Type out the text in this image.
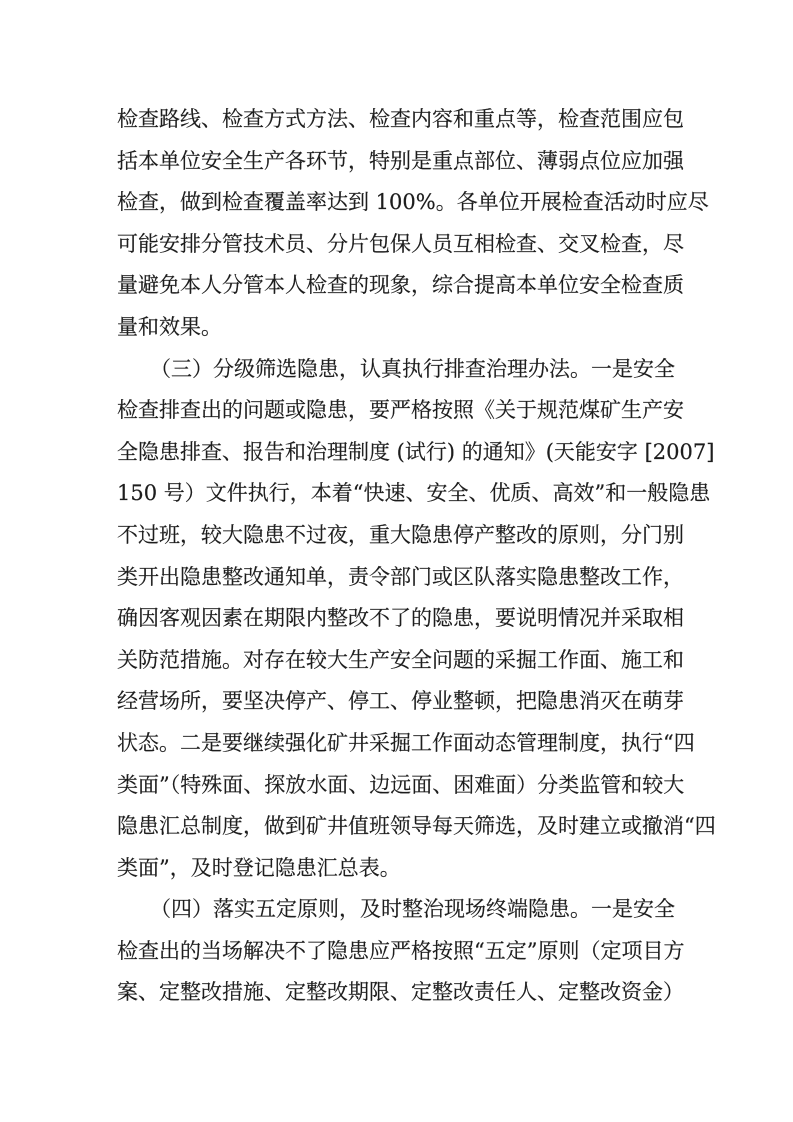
检查路线、检查方式方法、检查内容和重点等，检查范围应包
括本单位安全生产各环节，特别是重点部位、薄弱点位应加强
检查，做到检查覆盖率达到 100%。各单位开展检查活动时应尽
可能安排分管技术员、分片包保人员互相检查、交叉检查，尽
量避免本人分管本人检查的现象，综合提高本单位安全检查质
量和效果。
（三）分级筛选隐患，认真执行排查治理办法。一是安全
检查排查出的问题或隐患，要严格按照《关于规范煤矿生产安
全隐患排查、报告和治理制度 (试行) 的通知》(天能安字 [2007]
150 号）文件执行，本着“快速、安全、优质、高效”和一般隐患
不过班，较大隐患不过夜，重大隐患停产整改的原则，分门别
类开出隐患整改通知单，责令部门或区队落实隐患整改工作，
确因客观因素在期限内整改不了的隐患，要说明情况并采取相
关防范措施。对存在较大生产安全问题的采掘工作面、施工和
经营场所，要坚决停产、停工、停业整顿，把隐患消灭在萌芽
状态。二是要继续强化矿井采掘工作面动态管理制度，执行“四
类面”（特殊面、探放水面、边远面、困难面）分类监管和较大
隐患汇总制度，做到矿井值班领导每天筛选，及时建立或撤消“四
类面”，及时登记隐患汇总表。
（四）落实五定原则，及时整治现场终端隐患。一是安全
检查出的当场解决不了隐患应严格按照“五定”原则（定项目方
案、定整改措施、定整改期限、定整改责任人、定整改资金）
